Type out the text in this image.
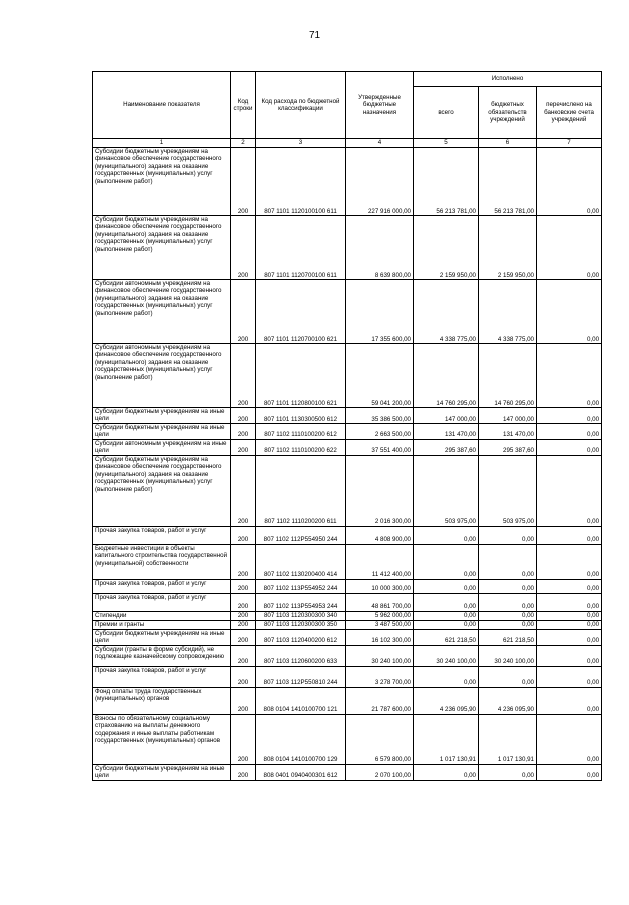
71
Наименование показателя	Код строки	Код расхода по бюджетной классификации	Утвержденные бюджетные назначения	Исполнено		
				всего	бюджетных обязательств учреждений	перечислено на банковские счета учреждений
1	2	3	4	5	6	7
Субсидии бюджетным учреждениям на финансовое обеспечение государственного (муниципального) задания на оказание государственных (муниципальных) услуг (выполнение работ)	200	807 1101 1120100100 611	227 916 000,00	56 213 781,00	56 213 781,00	0,00
Субсидии бюджетным учреждениям на финансовое обеспечение государственного (муниципального) задания на оказание государственных (муниципальных) услуг (выполнение работ)	200	807 1101 1120700100 611	8 639 800,00	2 159 950,00	2 159 950,00	0,00
Субсидии автономным учреждениям на финансовое обеспечение государственного (муниципального) задания на оказание государственных (муниципальных) услуг (выполнение работ)	200	807 1101 1120700100 621	17 355 600,00	4 338 775,00	4 338 775,00	0,00
Субсидии автономным учреждениям на финансовое обеспечение государственного (муниципального) задания на оказание государственных (муниципальных) услуг (выполнение работ)	200	807 1101 1120800100 621	59 041 200,00	14 760 295,00	14 760 295,00	0,00
Субсидии бюджетным учреждениям на иные цели	200	807 1101 1130300500 612	35 386 500,00	147 000,00	147 000,00	0,00
Субсидии бюджетным учреждениям на иные цели	200	807 1102 1110100200 612	2 663 500,00	131 470,00	131 470,00	0,00
Субсидии автономным учреждениям на иные цели	200	807 1102 1110100200 622	37 551 400,00	295 387,60	295 387,60	0,00
Субсидии бюджетным учреждениям на финансовое обеспечение государственного (муниципального) задания на оказание государственных (муниципальных) услуг (выполнение работ)	200	807 1102 1110200200 611	2 016 300,00	503 975,00	503 975,00	0,00
Прочая закупка товаров, работ и услуг	200	807 1102 112P554950 244	4 808 900,00	0,00	0,00	0,00
Бюджетные инвестиции в объекты капитального строительства государственной (муниципальной) собственности	200	807 1102 1130200400 414	11 412 400,00	0,00	0,00	0,00
Прочая закупка товаров, работ и услуг	200	807 1102 113P554952 244	10 000 300,00	0,00	0,00	0,00
Прочая закупка товаров, работ и услуг	200	807 1102 113P554953 244	48 861 700,00	0,00	0,00	0,00
Стипендии	200	807 1103 1120300300 340	5 962 000,00	0,00	0,00	0,00
Премии и гранты	200	807 1103 1120300300 350	3 487 500,00	0,00	0,00	0,00
Субсидии бюджетным учреждениям на иные цели	200	807 1103 1120400200 612	16 102 300,00	621 218,50	621 218,50	0,00
Субсидии (гранты в форме субсидий), не подлежащие казначейскому сопровождению	200	807 1103 1120600200 633	30 240 100,00	30 240 100,00	30 240 100,00	0,00
Прочая закупка товаров, работ и услуг	200	807 1103 112P550810 244	3 278 700,00	0,00	0,00	0,00
Фонд оплаты труда государственных (муниципальных) органов	200	808 0104 1410100700 121	21 787 600,00	4 236 095,90	4 236 095,90	0,00
Взносы по обязательному социальному страхованию на выплаты денежного содержания и иные выплаты работникам государственных (муниципальных) органов	200	808 0104 1410100700 129	6 579 800,00	1 017 130,91	1 017 130,91	0,00
Субсидии бюджетным учреждениям на иные цели	200	808 0401 0940400301 612	2 070 100,00	0,00	0,00	0,00
